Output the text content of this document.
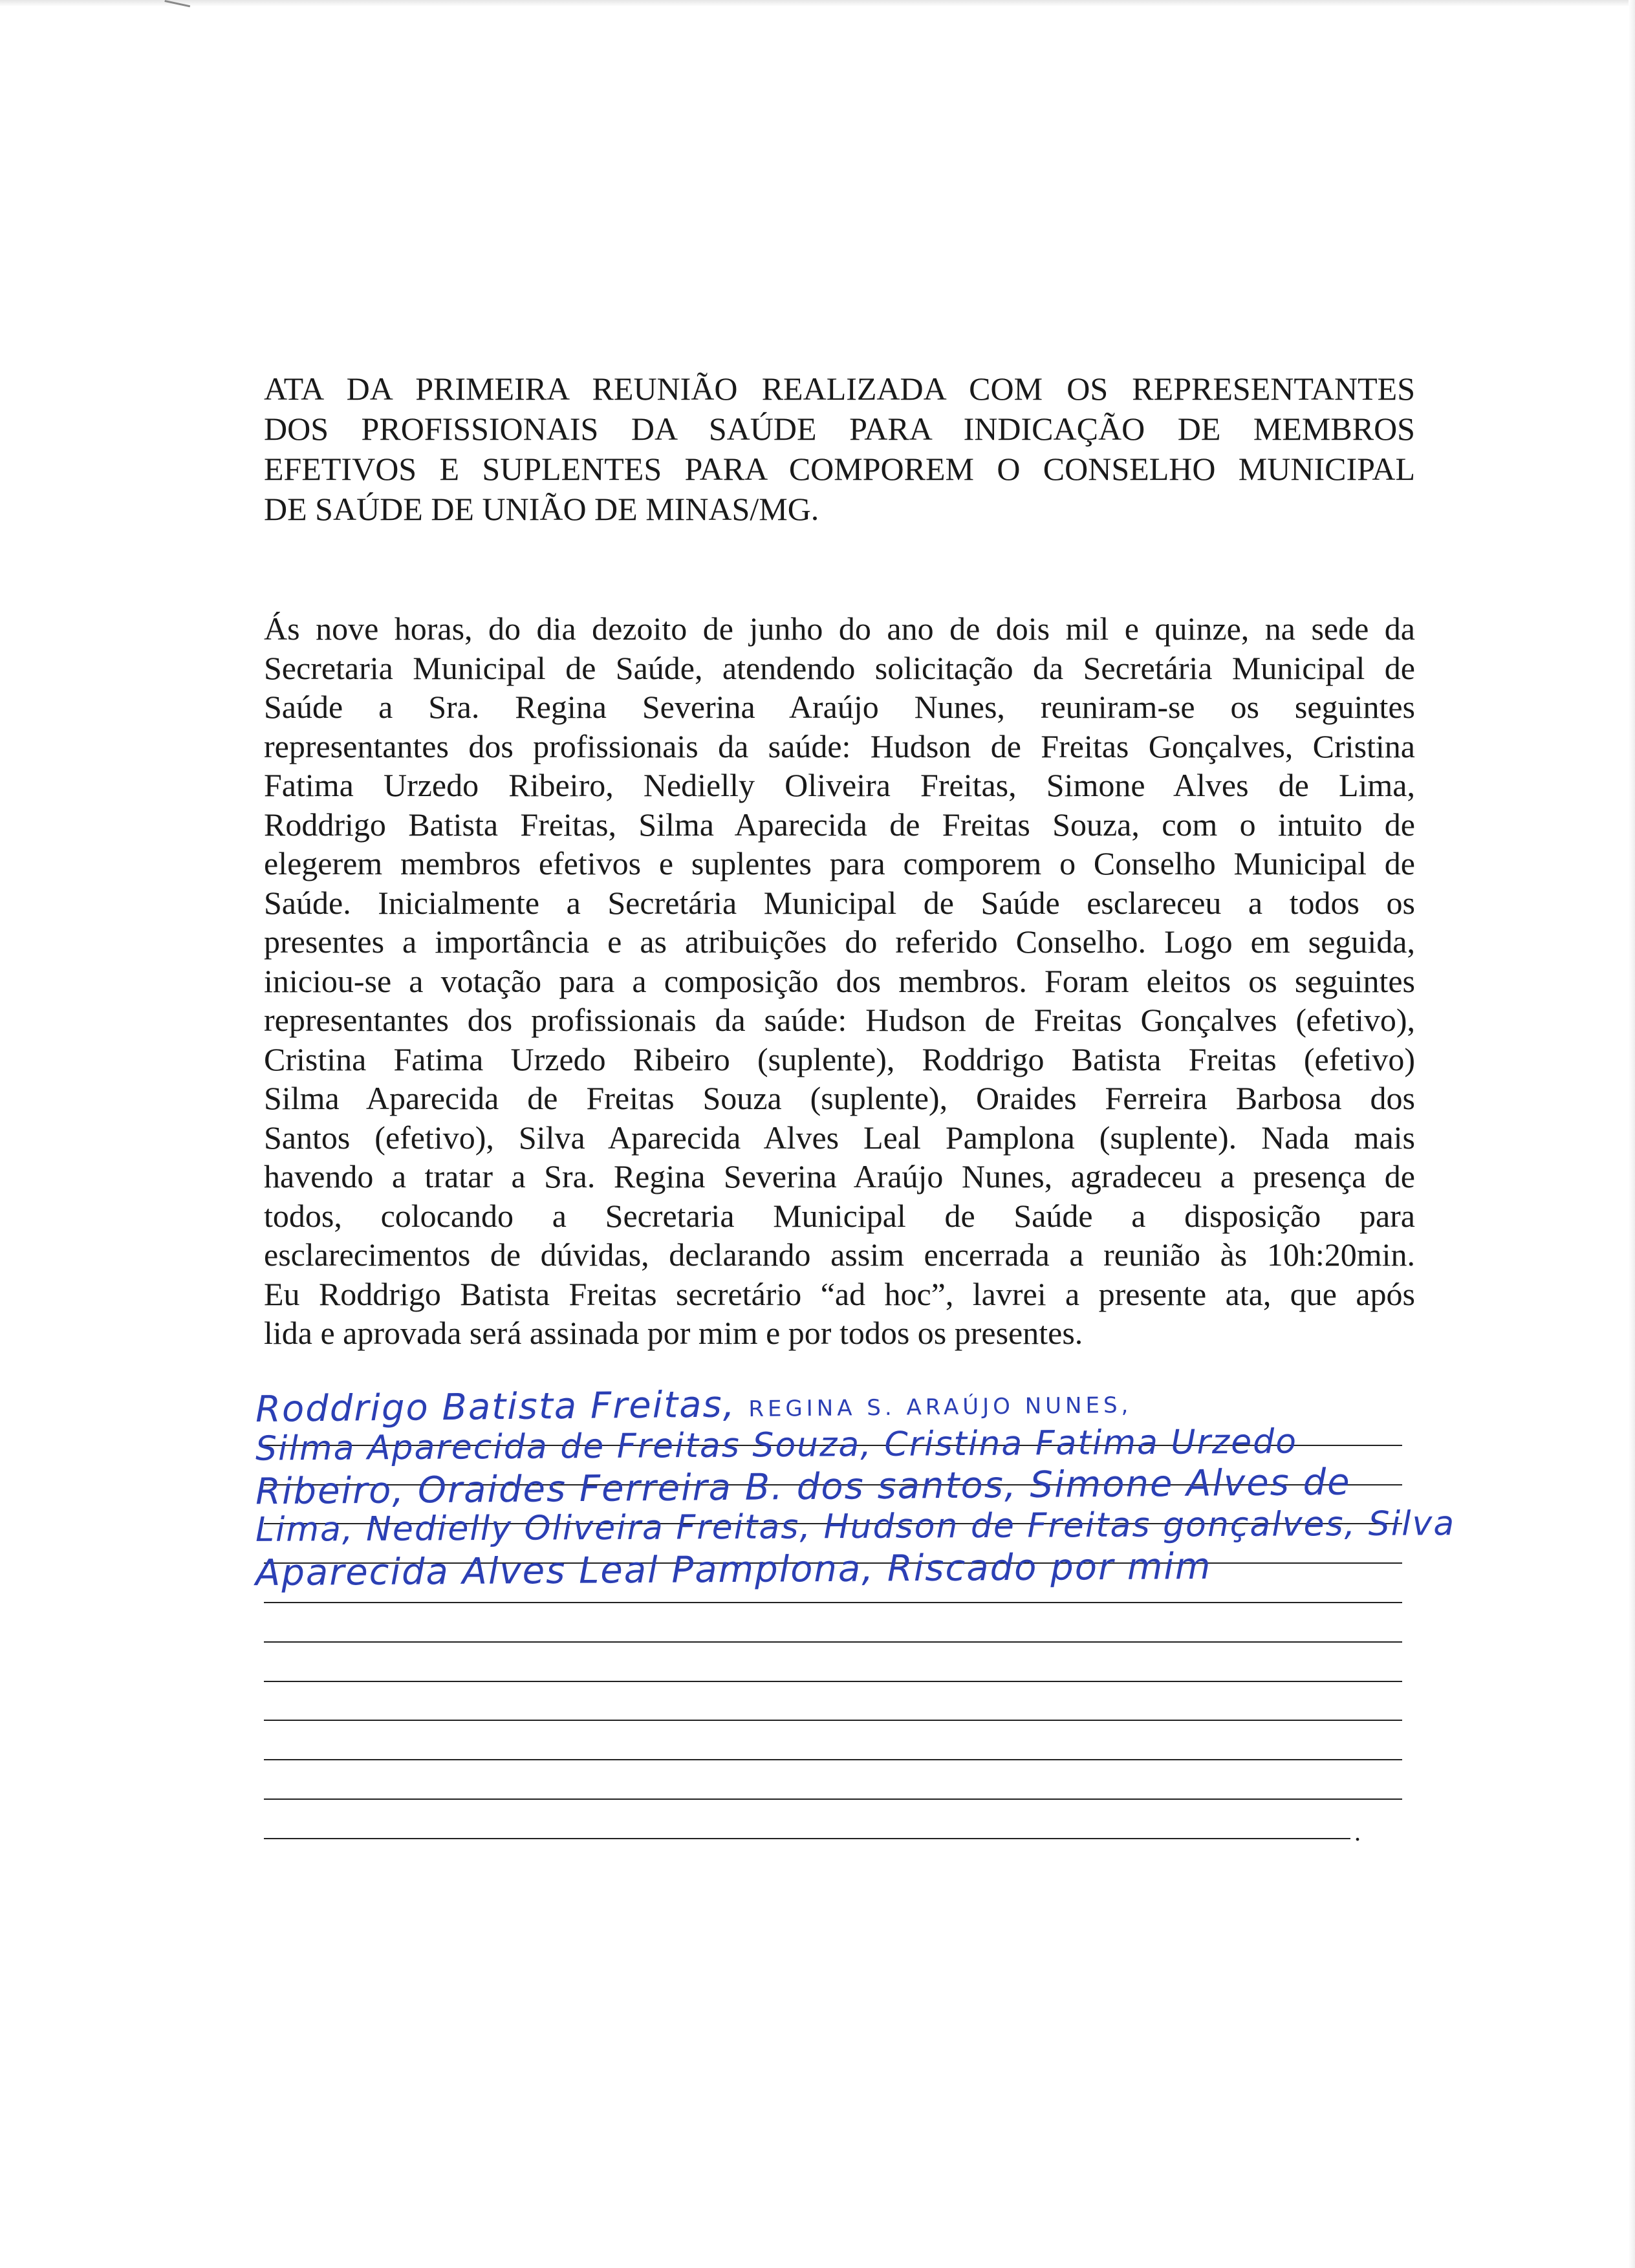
ATA DA PRIMEIRA REUNIÃO REALIZADA COM OS REPRESENTANTES
DOS PROFISSIONAIS DA SAÚDE PARA INDICAÇÃO DE MEMBROS
EFETIVOS E SUPLENTES PARA COMPOREM O CONSELHO MUNICIPAL
DE SAÚDE DE UNIÃO DE MINAS/MG.
Ás nove horas, do dia dezoito de junho do ano de dois mil e quinze, na sede da
Secretaria Municipal de Saúde, atendendo solicitação da Secretária Municipal de
Saúde a Sra. Regina Severina Araújo Nunes, reuniram-se os seguintes
representantes dos profissionais da saúde: Hudson de Freitas Gonçalves, Cristina
Fatima Urzedo Ribeiro, Nedielly Oliveira Freitas, Simone Alves de Lima,
Roddrigo Batista Freitas, Silma Aparecida de Freitas Souza, com o intuito de
elegerem membros efetivos e suplentes para comporem o Conselho Municipal de
Saúde. Inicialmente a Secretária Municipal de Saúde esclareceu a todos os
presentes a importância e as atribuições do referido Conselho. Logo em seguida,
iniciou-se a votação para a composição dos membros. Foram eleitos os seguintes
representantes dos profissionais da saúde: Hudson de Freitas Gonçalves (efetivo),
Cristina Fatima Urzedo Ribeiro (suplente), Roddrigo Batista Freitas (efetivo)
Silma Aparecida de Freitas Souza (suplente), Oraides Ferreira Barbosa dos
Santos (efetivo), Silva Aparecida Alves Leal Pamplona (suplente). Nada mais
havendo a tratar a Sra. Regina Severina Araújo Nunes, agradeceu a presença de
todos, colocando a Secretaria Municipal de Saúde a disposição para
esclarecimentos de dúvidas, declarando assim encerrada a reunião às 10h:20min.
Eu Roddrigo Batista Freitas secretário “ad hoc”, lavrei a presente ata, que após
lida e aprovada será assinada por mim e por todos os presentes.
.
Roddrigo Batista Freitas, REGINA S. ARAÚJO NUNES,
Silma Aparecida de Freitas Souza, Cristina Fatima Urzedo
Ribeiro, Oraides Ferreira B. dos santos, Simone Alves de
Lima, Nedielly Oliveira Freitas, Hudson de Freitas gonçalves, Silva
Aparecida Alves Leal Pamplona, Riscado por mim
